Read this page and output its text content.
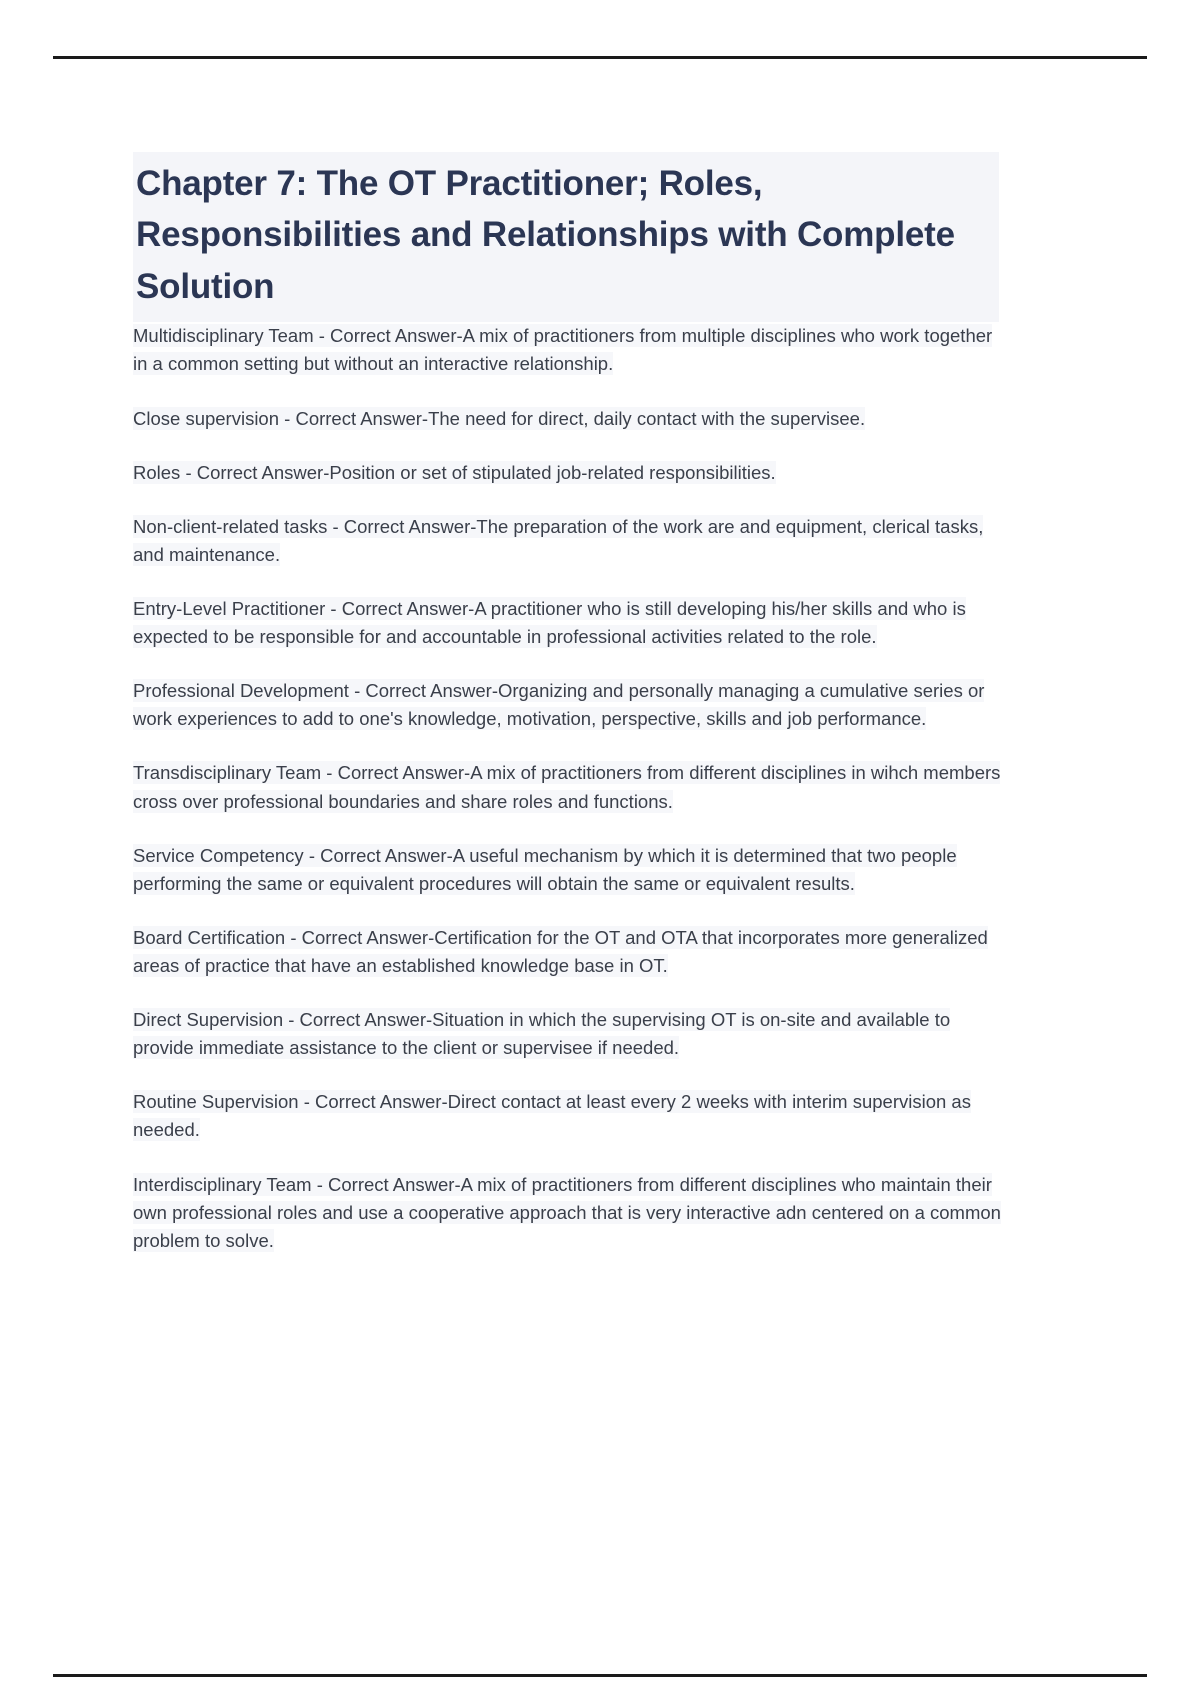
Chapter 7: The OT Practitioner; Roles, Responsibilities and Relationships with Complete Solution

Multidisciplinary Team - Correct Answer-A mix of practitioners from multiple disciplines who work together in a common setting but without an interactive relationship.

Close supervision - Correct Answer-The need for direct, daily contact with the supervisee.

Roles - Correct Answer-Position or set of stipulated job-related responsibilities.

Non-client-related tasks - Correct Answer-The preparation of the work are and equipment, clerical tasks, and maintenance.

Entry-Level Practitioner - Correct Answer-A practitioner who is still developing his/her skills and who is expected to be responsible for and accountable in professional activities related to the role.

Professional Development - Correct Answer-Organizing and personally managing a cumulative series or work experiences to add to one's knowledge, motivation, perspective, skills and job performance.

Transdisciplinary Team - Correct Answer-A mix of practitioners from different disciplines in wihch members cross over professional boundaries and share roles and functions.

Service Competency - Correct Answer-A useful mechanism by which it is determined that two people performing the same or equivalent procedures will obtain the same or equivalent results.

Board Certification - Correct Answer-Certification for the OT and OTA that incorporates more generalized areas of practice that have an established knowledge base in OT.

Direct Supervision - Correct Answer-Situation in which the supervising OT is on-site and available to provide immediate assistance to the client or supervisee if needed.

Routine Supervision - Correct Answer-Direct contact at least every 2 weeks with interim supervision as needed.

Interdisciplinary Team - Correct Answer-A mix of practitioners from different disciplines who maintain their own professional roles and use a cooperative approach that is very interactive adn centered on a common problem to solve.
